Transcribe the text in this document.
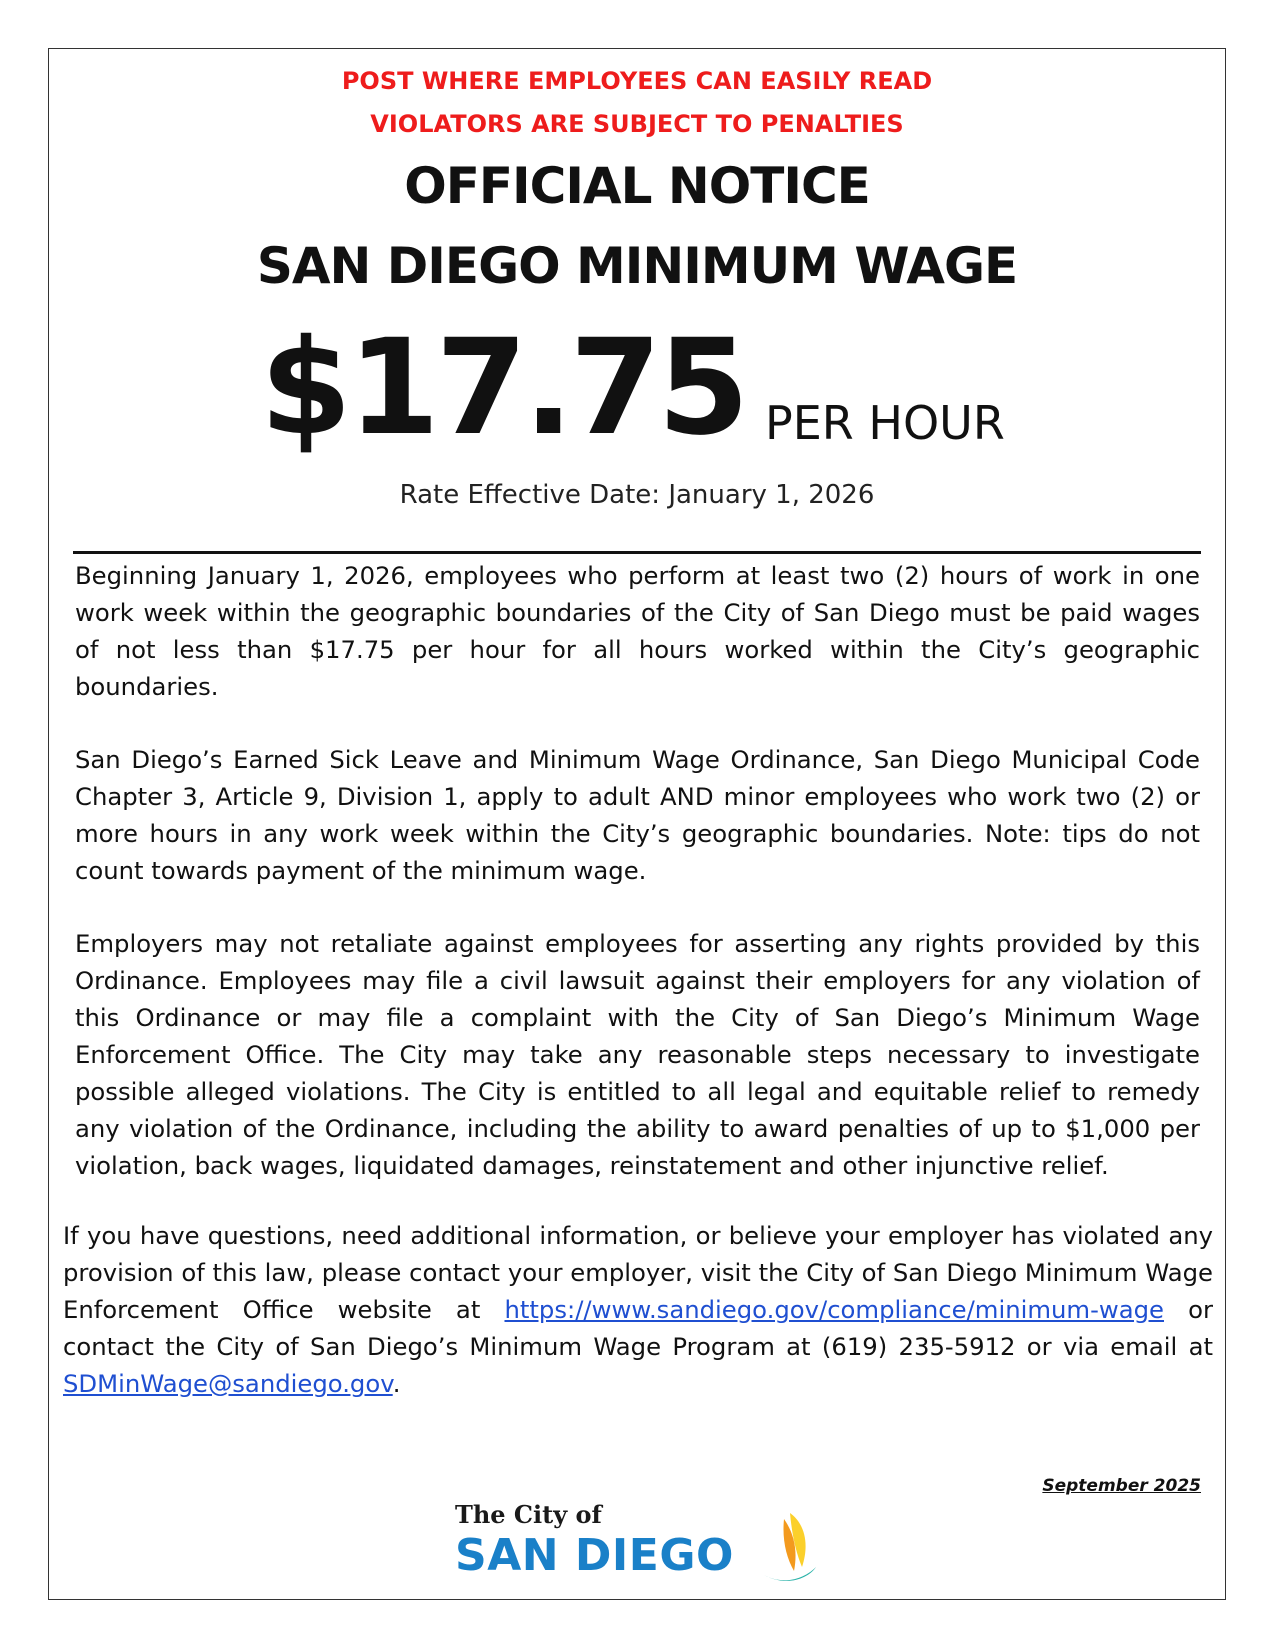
POST WHERE EMPLOYEES CAN EASILY READ
VIOLATORS ARE SUBJECT TO PENALTIES
OFFICIAL NOTICE
SAN DIEGO MINIMUM WAGE
$17.75 PER HOUR
Rate Effective Date: January 1, 2026
Beginning January 1, 2026, employees who perform at least two (2) hours of work in one work week within the geographic boundaries of the City of San Diego must be paid wages of not less than $17.75 per hour for all hours worked within the City’s geographic boundaries.
San Diego’s Earned Sick Leave and Minimum Wage Ordinance, San Diego Municipal Code Chapter 3, Article 9, Division 1, apply to adult AND minor employees who work two (2) or more hours in any work week within the City’s geographic boundaries. Note: tips do not count towards payment of the minimum wage.
Employers may not retaliate against employees for asserting any rights provided by this Ordinance. Employees may file a civil lawsuit against their employers for any violation of this Ordinance or may file a complaint with the City of San Diego’s Minimum Wage Enforcement Office. The City may take any reasonable steps necessary to investigate possible alleged violations. The City is entitled to all legal and equitable relief to remedy any violation of the Ordinance, including the ability to award penalties of up to $1,000 per violation, back wages, liquidated damages, reinstatement and other injunctive relief.
If you have questions, need additional information, or believe your employer has violated any provision of this law, please contact your employer, visit the City of San Diego Minimum Wage Enforcement Office website at https://www.sandiego.gov/compliance/minimum-wage or contact the City of San Diego’s Minimum Wage Program at (619) 235-5912 or via email at SDMinWage@sandiego.gov.
September 2025
The City of
SAN DIEGO
